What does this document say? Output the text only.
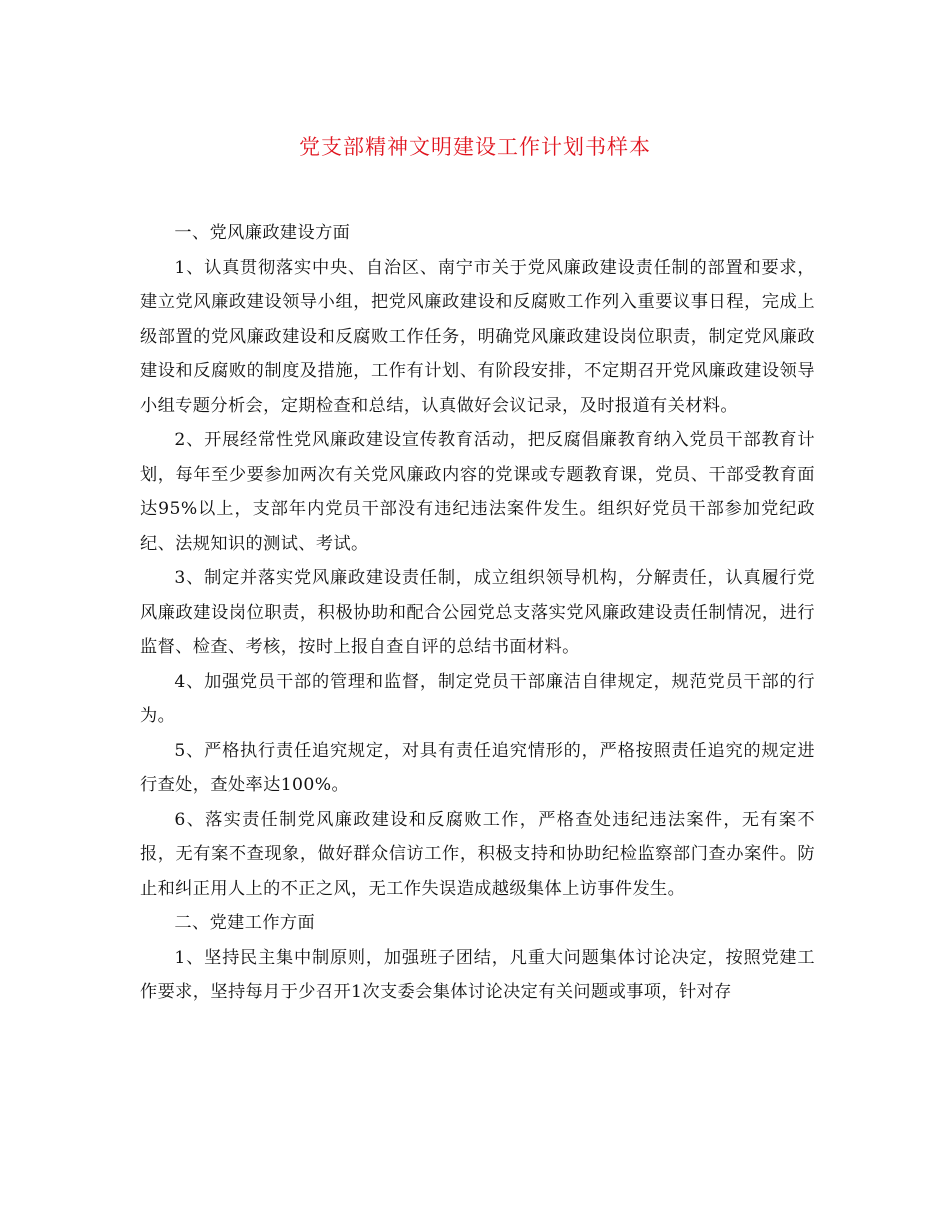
党支部精神文明建设工作计划书样本

一、党风廉政建设方面

1、认真贯彻落实中央、自治区、南宁市关于党风廉政建设责任制的部置和要求，建立党风廉政建设领导小组，把党风廉政建设和反腐败工作列入重要议事日程，完成上级部置的党风廉政建设和反腐败工作任务，明确党风廉政建设岗位职责，制定党风廉政建设和反腐败的制度及措施，工作有计划、有阶段安排，不定期召开党风廉政建设领导小组专题分析会，定期检查和总结，认真做好会议记录，及时报道有关材料。

2、开展经常性党风廉政建设宣传教育活动，把反腐倡廉教育纳入党员干部教育计划，每年至少要参加两次有关党风廉政内容的党课或专题教育课，党员、干部受教育面达95%以上，支部年内党员干部没有违纪违法案件发生。组织好党员干部参加党纪政纪、法规知识的测试、考试。

3、制定并落实党风廉政建设责任制，成立组织领导机构，分解责任，认真履行党风廉政建设岗位职责，积极协助和配合公园党总支落实党风廉政建设责任制情况，进行监督、检查、考核，按时上报自查自评的总结书面材料。

4、加强党员干部的管理和监督，制定党员干部廉洁自律规定，规范党员干部的行为。

5、严格执行责任追究规定，对具有责任追究情形的，严格按照责任追究的规定进行查处，查处率达100%。

6、落实责任制党风廉政建设和反腐败工作，严格查处违纪违法案件，无有案不报，无有案不查现象，做好群众信访工作，积极支持和协助纪检监察部门查办案件。防止和纠正用人上的不正之风，无工作失误造成越级集体上访事件发生。

二、党建工作方面

1、坚持民主集中制原则，加强班子团结，凡重大问题集体讨论决定，按照党建工作要求，坚持每月于少召开1次支委会集体讨论决定有关问题或事项，针对存
